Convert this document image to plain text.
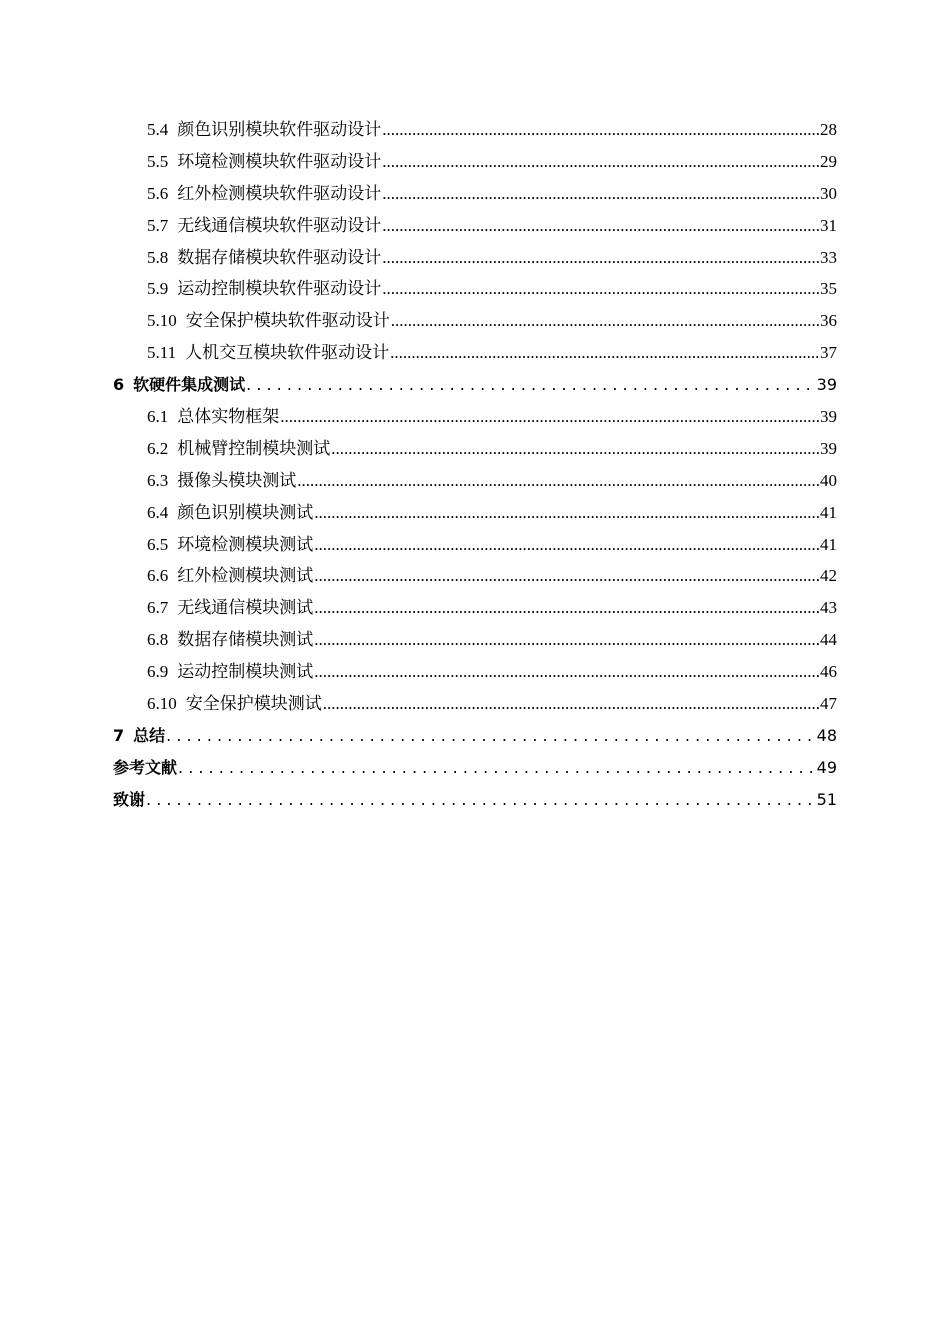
5.4 颜色识别模块软件驱动设计 .....	28
5.5 环境检测模块软件驱动设计 .....	29
5.6 红外检测模块软件驱动设计 .....	30
5.7 无线通信模块软件驱动设计 .....	31
5.8 数据存储模块软件驱动设计 .....	33
5.9 运动控制模块软件驱动设计 .....	35
5.10 安全保护模块软件驱动设计 .....	36
5.11 人机交互模块软件驱动设计 .....	37
6 软硬件集成测试 . . .	39
6.1 总体实物框架 .....	39
6.2 机械臂控制模块测试 .....	39
6.3 摄像头模块测试 .....	40
6.4 颜色识别模块测试 .....	41
6.5 环境检测模块测试 .....	41
6.6 红外检测模块测试 .....	42
6.7 无线通信模块测试 .....	43
6.8 数据存储模块测试 .....	44
6.9 运动控制模块测试 .....	46
6.10 安全保护模块测试 .....	47
7 总结 . . .	48
参考文献 . . .	49
致谢 . . .	51
